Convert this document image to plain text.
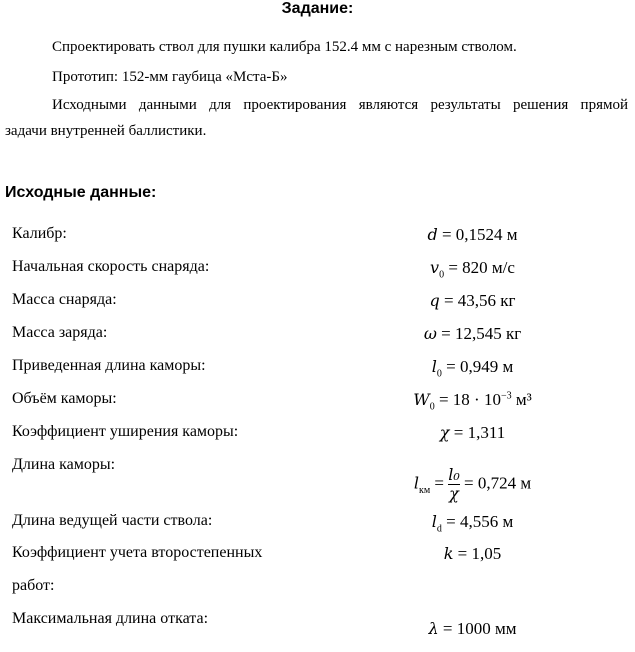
Задание:
Спроектировать ствол для пушки калибра 152.4 мм с нарезным стволом.
Прототип: 152-мм гаубица «Мста-Б»
Исходными данными для проектирования являются результаты решения прямой
задачи внутренней баллистики.
Исходные данные:
Калибр:	d = 0,1524 м
Начальная скорость снаряда:	$v_0 = 820$ м/с
Масса снаряда:	q = 43,56 кг
Масса заряда:	ω = 12,545 кг
Приведенная длина каморы:	$l_0 = 0,949$ м
Объём каморы:	$W_0 = 18 \cdot 10^{-3}$ м³
Коэффициент уширения каморы:	χ = 1,311
Длина каморы:
$l_{км} = \frac{\text{l₀}}{\chi} = 0,724$ м
Длина ведущей части ствола:	$l_d = 4,556$ м
Коэффициент учета второстепенных
работ:
k = 1,05
Максимальная длина отката:
λ = 1000 мм
